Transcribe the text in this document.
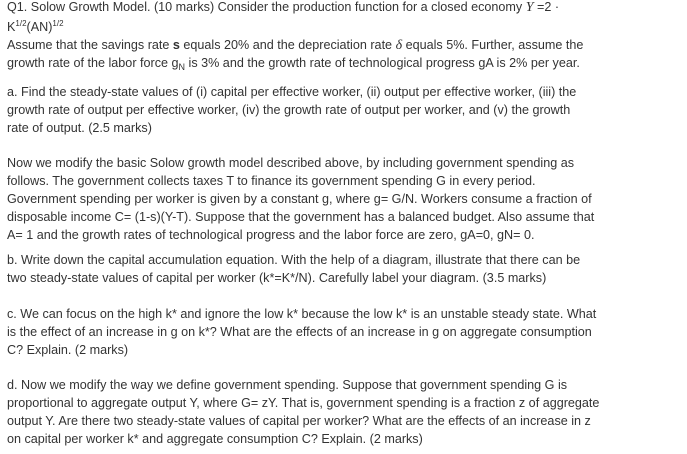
Q1. Solow Growth Model. (10 marks) Consider the production function for a closed economy Y =2 ·
$K^{1/2}(AN)^{1/2}$
Assume that the savings rate s equals 20% and the depreciation rate δ equals 5%. Further, assume the
growth rate of the labor force $g_N$ is 3% and the growth rate of technological progress gA is 2% per year.
a. Find the steady-state values of (i) capital per effective worker, (ii) output per effective worker, (iii) the
growth rate of output per effective worker, (iv) the growth rate of output per worker, and (v) the growth
rate of output. (2.5 marks)
Now we modify the basic Solow growth model described above, by including government spending as
follows. The government collects taxes T to finance its government spending G in every period.
Government spending per worker is given by a constant g, where g= G/N. Workers consume a fraction of
disposable income C= (1-s)(Y-T). Suppose that the government has a balanced budget. Also assume that
A= 1 and the growth rates of technological progress and the labor force are zero, gA=0, gN= 0.
b. Write down the capital accumulation equation. With the help of a diagram, illustrate that there can be
two steady-state values of capital per worker (k*=K*/N). Carefully label your diagram. (3.5 marks)
c. We can focus on the high k* and ignore the low k* because the low k* is an unstable steady state. What
is the effect of an increase in g on k*? What are the effects of an increase in g on aggregate consumption
C? Explain. (2 marks)
d. Now we modify the way we define government spending. Suppose that government spending G is
proportional to aggregate output Y, where G= zY. That is, government spending is a fraction z of aggregate
output Y. Are there two steady-state values of capital per worker? What are the effects of an increase in z
on capital per worker k* and aggregate consumption C? Explain. (2 marks)
